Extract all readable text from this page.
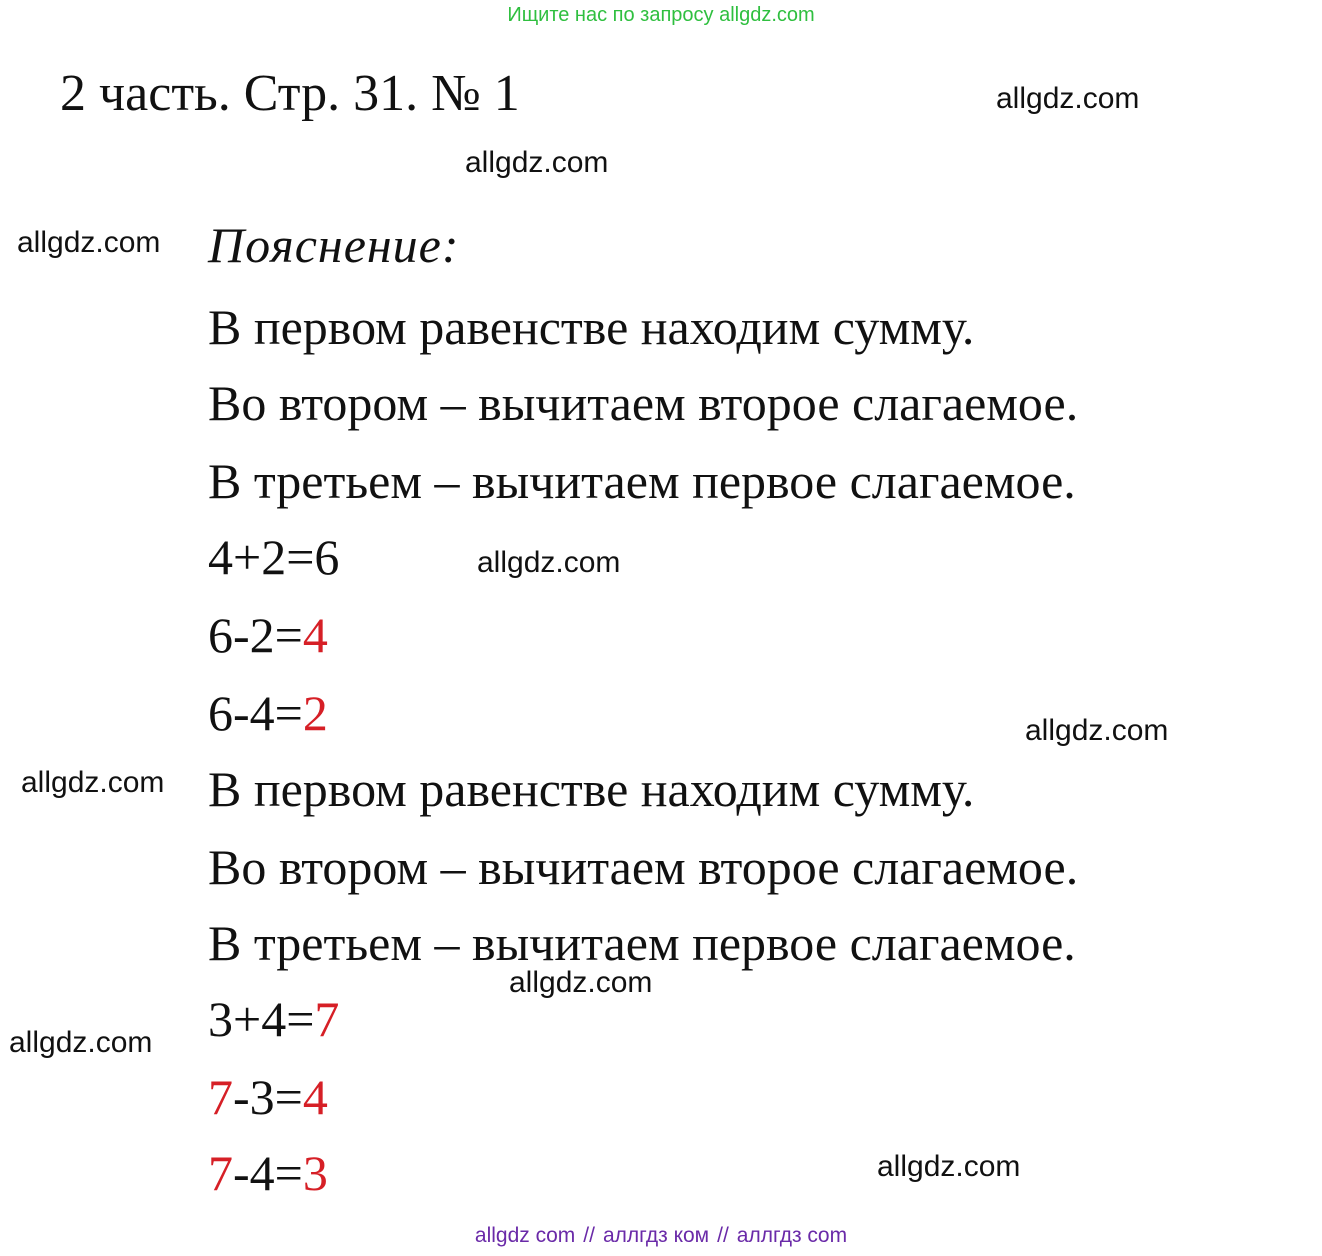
Ищите нас по запросу allgdz.com
2 часть. Стр. 31. № 1
Пояснение:
В первом равенстве находим сумму.
Во втором – вычитаем второе слагаемое.
В третьем – вычитаем первое слагаемое.
4+2=6
6-2=4
6-4=2
В первом равенстве находим сумму.
Во втором – вычитаем второе слагаемое.
В третьем – вычитаем первое слагаемое.
3+4=7
7-3=4
7-4=3
allgdz.com
allgdz.com
allgdz.com
allgdz.com
allgdz.com
allgdz.com
allgdz.com
allgdz.com
allgdz.com
allgdz com // аллгдз ком // аллгдз com
